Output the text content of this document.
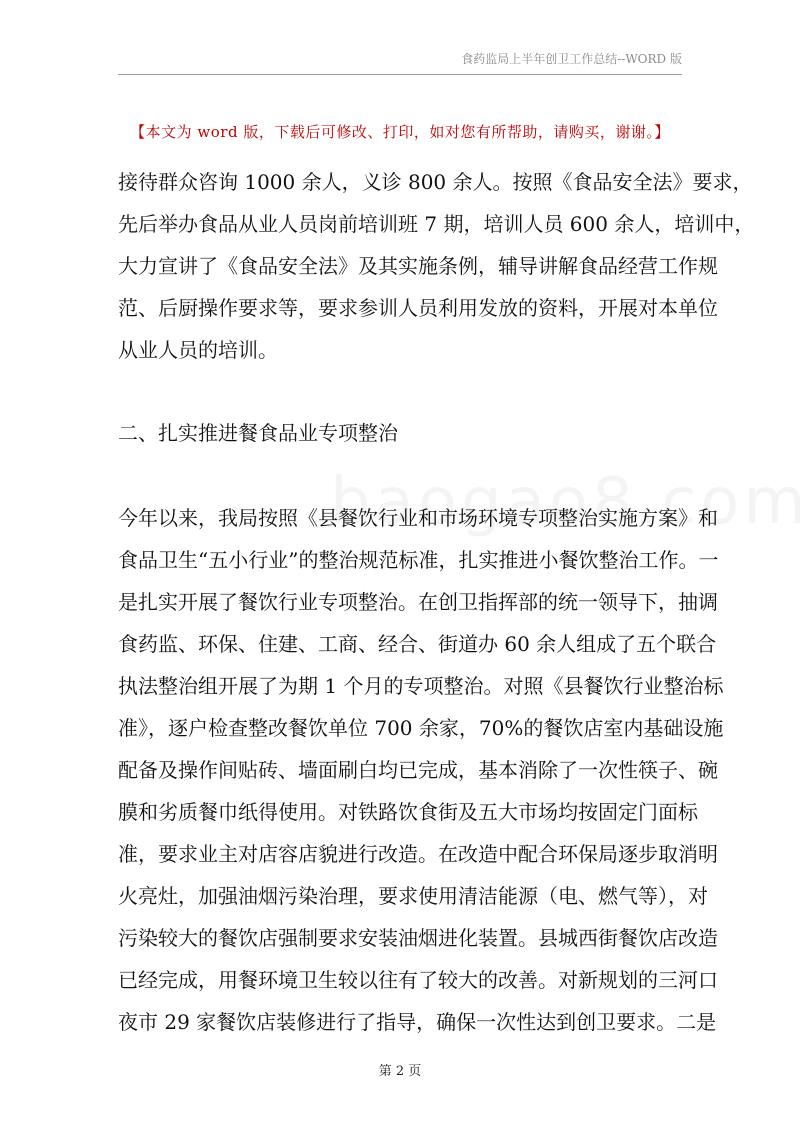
食药监局上半年创卫工作总结--WORD 版
【本文为 word 版，下载后可修改、打印，如对您有所帮助，请购买，谢谢。】
接待群众咨询 1000 余人，义诊 800 余人。按照《食品安全法》要求，
先后举办食品从业人员岗前培训班 7 期，培训人员 600 余人，培训中，
大力宣讲了《食品安全法》及其实施条例，辅导讲解食品经营工作规
范、后厨操作要求等，要求参训人员利用发放的资料，开展对本单位
从业人员的培训。
二、扎实推进餐食品业专项整治
今年以来，我局按照《县餐饮行业和市场环境专项整治实施方案》和
食品卫生“五小行业”的整治规范标准，扎实推进小餐饮整治工作。一
是扎实开展了餐饮行业专项整治。在创卫指挥部的统一领导下，抽调
食药监、环保、住建、工商、经合、街道办 60 余人组成了五个联合
执法整治组开展了为期 1 个月的专项整治。对照《县餐饮行业整治标
准》，逐户检查整改餐饮单位 700 余家，70%的餐饮店室内基础设施
配备及操作间贴砖、墙面刷白均已完成，基本消除了一次性筷子、碗
膜和劣质餐巾纸得使用。对铁路饮食街及五大市场均按固定门面标
准，要求业主对店容店貌进行改造。在改造中配合环保局逐步取消明
火亮灶，加强油烟污染治理，要求使用清洁能源（电、燃气等），对
污染较大的餐饮店强制要求安装油烟进化装置。县城西街餐饮店改造
已经完成，用餐环境卫生较以往有了较大的改善。对新规划的三河口
夜市 29 家餐饮店装修进行了指导，确保一次性达到创卫要求。二是
第 2 页
